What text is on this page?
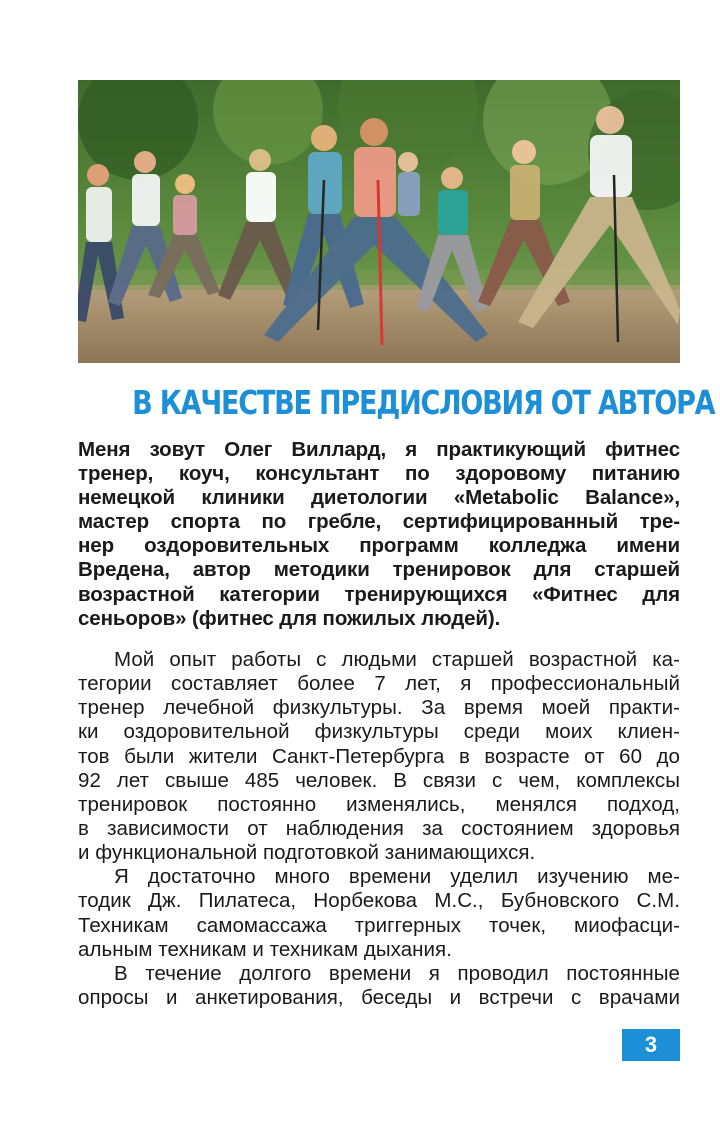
В КАЧЕСТВЕ ПРЕДИСЛОВИЯ ОТ АВТОРА
Меня зовут Олег Виллард, я практикующий фитнес
тренер, коуч, консультант по здоровому питанию
немецкой клиники диетологии «Metabolic Balance»,
мастер спорта по гребле, сертифицированный тре-
нер оздоровительных программ колледжа имени
Вредена, автор методики тренировок для старшей
возрастной категории тренирующихся «Фитнес для
сеньоров» (фитнес для пожилых людей).
Мой опыт работы с людьми старшей возрастной ка-
тегории составляет более 7 лет, я профессиональный
тренер лечебной физкультуры. За время моей практи-
ки оздоровительной физкультуры среди моих клиен-
тов были жители Санкт-Петербурга в возрасте от 60 до
92 лет свыше 485 человек. В связи с чем, комплексы
тренировок постоянно изменялись, менялся подход,
в зависимости от наблюдения за состоянием здоровья
и функциональной подготовкой занимающихся.
Я достаточно много времени уделил изучению ме-
тодик Дж. Пилатеса, Норбекова М.С., Бубновского С.М.
Техникам самомассажа триггерных точек, миофасци-
альным техникам и техникам дыхания.
В течение долгого времени я проводил постоянные
опросы и анкетирования, беседы и встречи с врачами
3
